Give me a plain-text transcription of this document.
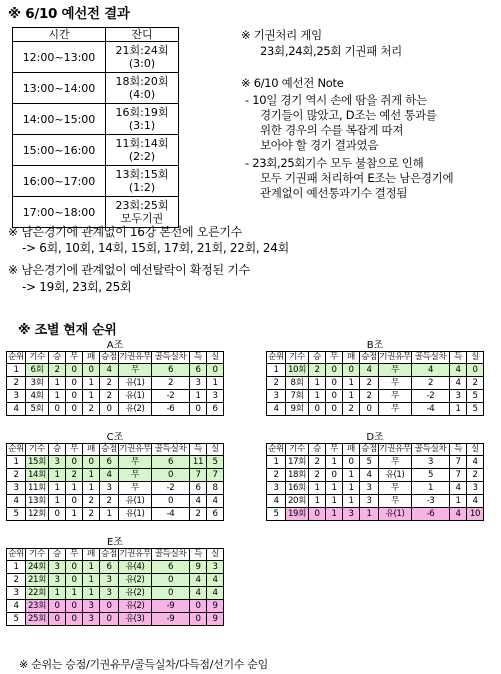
※ 6/10 예선전 결과
시간	잔디
12:00~13:00	21회:24회
(3:0)

13:00~14:00	18회:20회
(4:0)

14:00~15:00	16회:19회
(3:1)

15:00~16:00	11회:14회
(2:2)

16:00~17:00	13회:15회
(1:2)

17:00~18:00	23회:25회
모두기권
※ 기권처리 게임
23회,24회,25회 기권패 처리
※ 6/10 예선전 Note
- 10일 경기 역시 손에 땀을 쥐게 하는
경기들이 많았고, D조는 예선 통과를
위한 경우의 수를 복잡게 따져
보아야 할 경기 결과였음
- 23회,25회기수 모두 불참으로 인해
모두 기권패 처리하여 E조는 남은경기에
관계없이 예선통과기수 결정됨
※ 남은경기에 관계없이 16강 본선에 오른기수
-> 6회, 10회, 14회, 15회, 17회, 21회, 22회, 24회
※ 남은경기에 관계없이 예선탈락이 확정된 기수
-> 19회, 23회, 25회
※ 조별 현재 순위
A조
순위	기수	승	무	패	승점	기권유무	골득실차	득	실
1	6회	2	0	0	4	무	6	6	0
2	3회	1	0	1	2	유(1)	2	3	1
3	4회	1	0	1	2	유(1)	-2	1	3
4	5회	0	0	2	0	유(2)	-6	0	6
B조
순위	기수	승	무	패	승점	기권유무	골득실차	득	실
1	10회	2	0	0	4	무	4	4	0
2	8회	1	0	1	2	무	2	4	2
3	7회	1	0	1	2	무	-2	3	5
4	9회	0	0	2	0	무	-4	1	5
C조
순위	기수	승	무	패	승점	기권유무	골득실차	득	실
1	15회	3	0	0	6	무	6	11	5
2	14회	1	2	1	4	무	0	7	7
3	11회	1	1	1	3	무	-2	6	8
4	13회	1	0	2	2	유(1)	0	4	4
5	12회	0	1	2	1	유(1)	-4	2	6
D조
순위	기수	승	무	패	승점	기권유무	골득실차	득	실
1	17회	2	1	0	5	무	3	7	4
2	18회	2	0	1	4	유(1)	5	7	2
3	16회	1	1	1	3	무	1	4	3
4	20회	1	1	1	3	무	-3	1	4
5	19회	0	1	3	1	유(1)	-6	4	10
E조
순위	기수	승	무	패	승점	기권유무	골득실차	득	실
1	24회	3	0	1	6	유(4)	6	9	3
2	21회	3	0	1	3	유(2)	0	4	4
3	22회	1	1	1	3	유(2)	0	4	4
4	23회	0	0	3	0	유(2)	-9	0	9
5	25회	0	0	3	0	유(3)	-9	0	9
※ 순위는 승점/기권유무/골득실차/다득점/선기수 순임
